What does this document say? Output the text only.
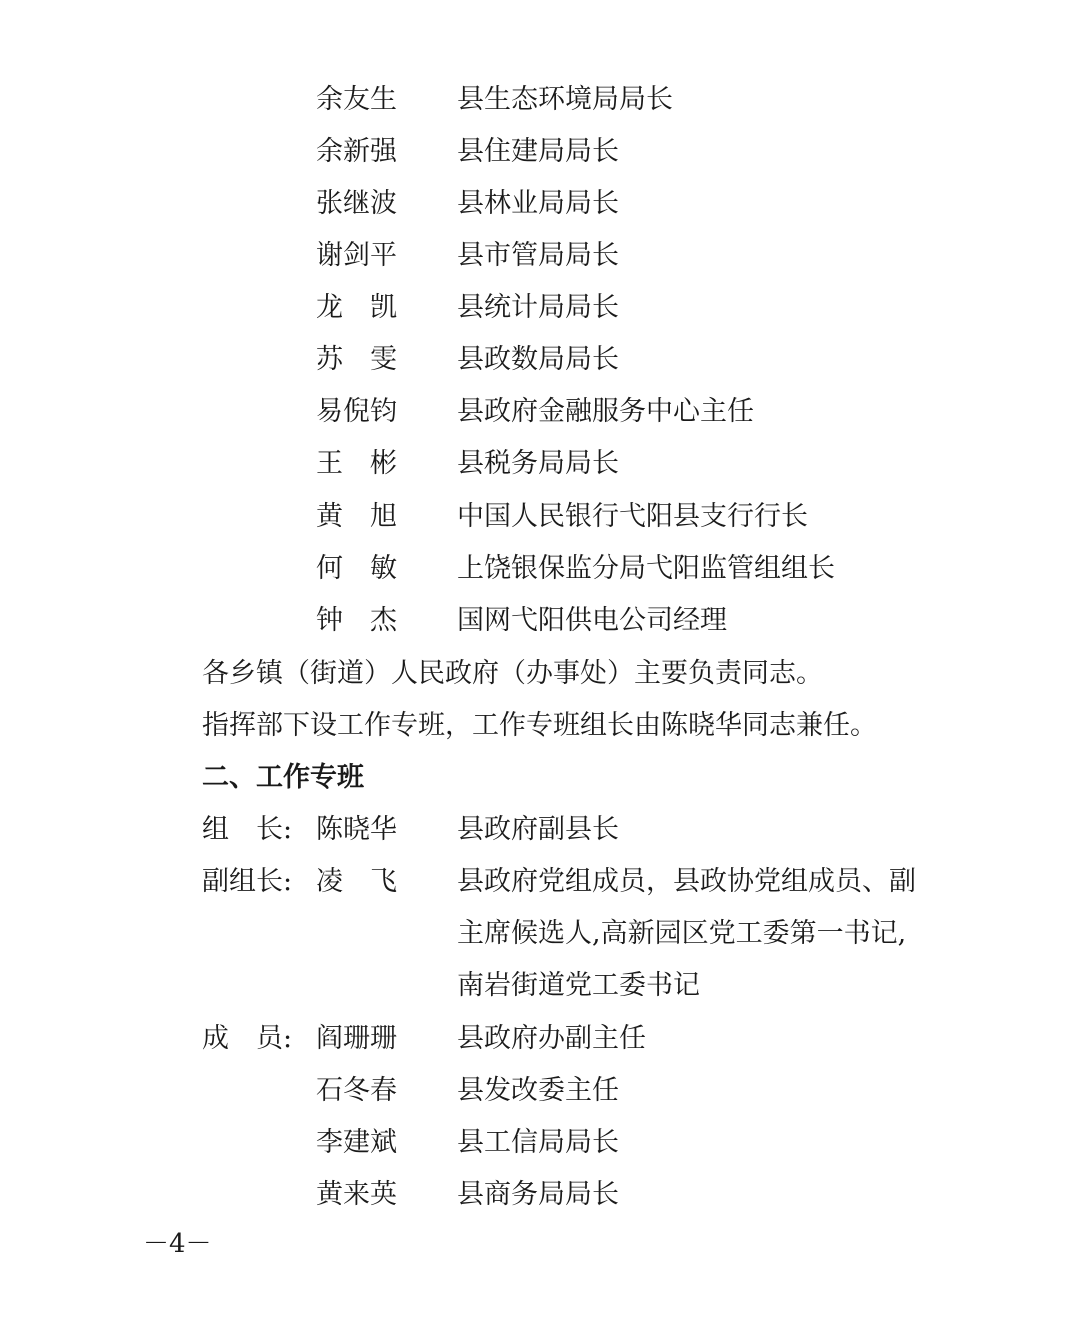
余友生	县生态环境局局长
余新强	县住建局局长
张继波	县林业局局长
谢剑平	县市管局局长
龙　凯	县统计局局长
苏　雯	县政数局局长
易倪钧	县政府金融服务中心主任
王　彬	县税务局局长
黄　旭	中国人民银行弋阳县支行行长
何　敏	上饶银保监分局弋阳监管组组长
钟　杰	国网弋阳供电公司经理
各乡镇（街道）人民政府（办事处）主要负责同志。
指挥部下设工作专班，工作专班组长由陈晓华同志兼任。
二、工作专班
组　长: 陈晓华	县政府副县长
副组长: 凌　飞	县政府党组成员，县政协党组成员、副
主席候选人,高新园区党工委第一书记,
南岩街道党工委书记
成　员: 阎珊珊	县政府办副主任
石冬春	县发改委主任
李建斌	县工信局局长
黄来英	县商务局局长
－4－
